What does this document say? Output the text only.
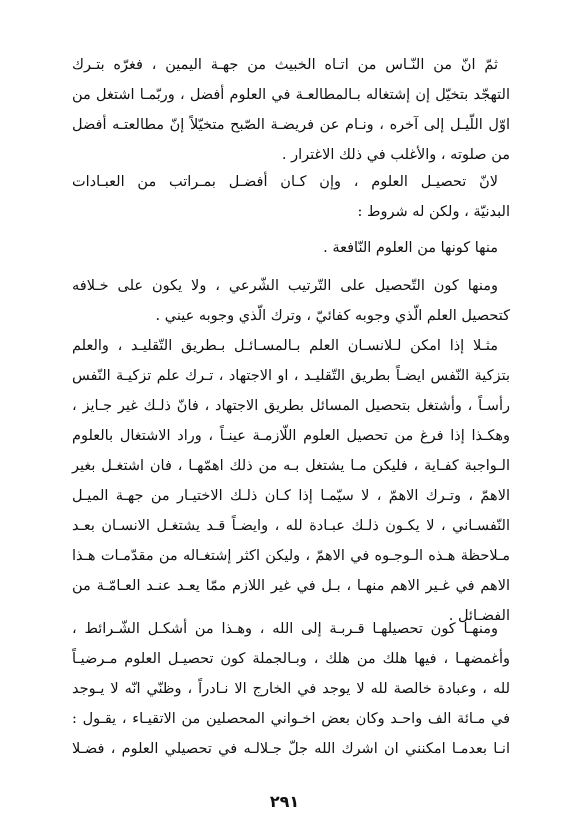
ثمّ انّ من النّـاس من اتـاه الخبيث من جهـة اليمين ، فغرّه بتـرك
التهجّد بتخيّل إن إشتغاله بـالمطالعـة في العلوم أفضل ، وربّمـا اشتغل من
اوّل اللّيـل إلى آخره ، ونـام عن فريضـة الصّبح متخيّلاً إنّ مطالعتـه أفضل
من صلوته ، والأغلب في ذلك الاغترار .
لانّ تحصيـل العلوم ، وإن كـان أفضـل بمـراتب من العبـادات
البدنيّة ، ولكن له شروط :
منها كونها من العلوم النّافعة .
ومنها كون التّحصيل على التّرتيب الشّرعي ، ولا يكون على خـلافه
كتحصيل العلم الّذي وجوبه كفائيّ ، وترك الّذي وجوبه عيني .
مثـلا إذا امكن لـلانسـان العلم بـالمسـائـل بـطريق التّقليـد ، والعلم
بتزكية النّفس ايضـاً بطريق التّقليـد ، او الاجتهاد ، تـرك علم تزكيـة النّفس
رأسـاً ، وأشتغل بتحصيل المسائل بطريق الاجتهاد ، فانّ ذلـك غير جـايز ،
وهكـذا إذا فرغ من تحصيل العلوم اللّازمـة عينـاً ، وراد الاشتغال بالعلوم
الـواجبة كفـاية ، فليكن مـا يشتغل بـه من ذلك اهمّهـا ، فان اشتغـل بغير
الاهمّ ، وتـرك الاهمّ ، لا سيّمـا إذا كـان ذلـك الاختيـار من جهـة الميـل
النّفسـاني ، لا يكـون ذلـك عبـادة لله ، وايضـاً قـد يشتغـل الانسـان بعـد
مـلاحظة هـذه الـوجـوه في الاهمّ ، وليكن اكثر إشتغـاله من مقدّمـات هـذا
الاهم في غـير الاهم منهـا ، بـل في غير اللازم ممّا يعـد عنـد العـامّـة من
الفضـائل .
ومنهـا كون تحصيلهـا قـربـة إلى الله ، وهـذا من أشكـل الشّـرائط ،
وأغمضهـا ، فيها هلك من هلك ، وبـالجملة كون تحصيـل العلوم مـرضيـاً
لله ، وعبادة خالصة لله لا يوجد في الخارج الا نـادراً ، وظنّي انّه لا يـوجد
في مـائة الف واحـد وكان بعض اخـواني المحصلين من الاتقيـاء ، يقـول :
انـا بعدمـا امكنني ان اشرك الله جلّ جـلالـه في تحصيلي العلوم ، فضـلا
٢٩١
